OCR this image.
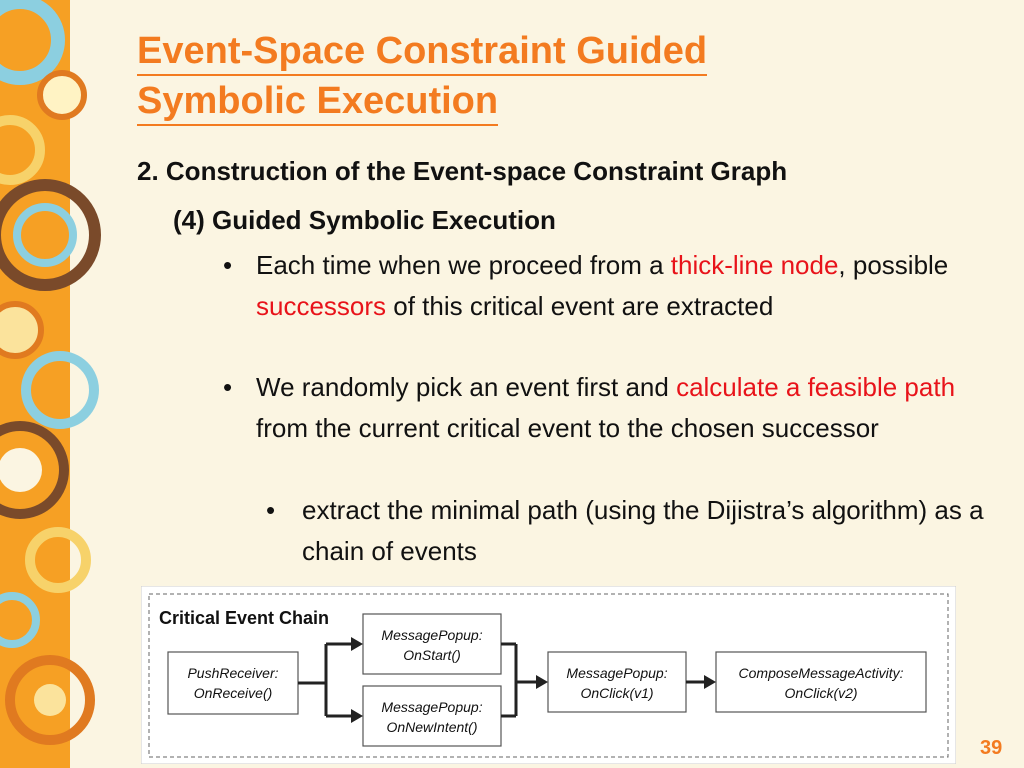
Event-Space Constraint Guided
Symbolic Execution
2. Construction of the Event-space Constraint Graph
(4) Guided Symbolic Execution
• Each time when we proceed from a thick-line node, possible successors of this critical event are extracted
• We randomly pick an event first and calculate a feasible path from the current critical event to the chosen successor
• extract the minimal path (using the Dijistra’s algorithm) as a chain of events
Critical Event Chain
PushReceiver:
OnReceive()
MessagePopup:
OnStart()
MessagePopup:
OnNewIntent()
MessagePopup:
OnClick(v1)
ComposeMessageActivity:
OnClick(v2)
39
